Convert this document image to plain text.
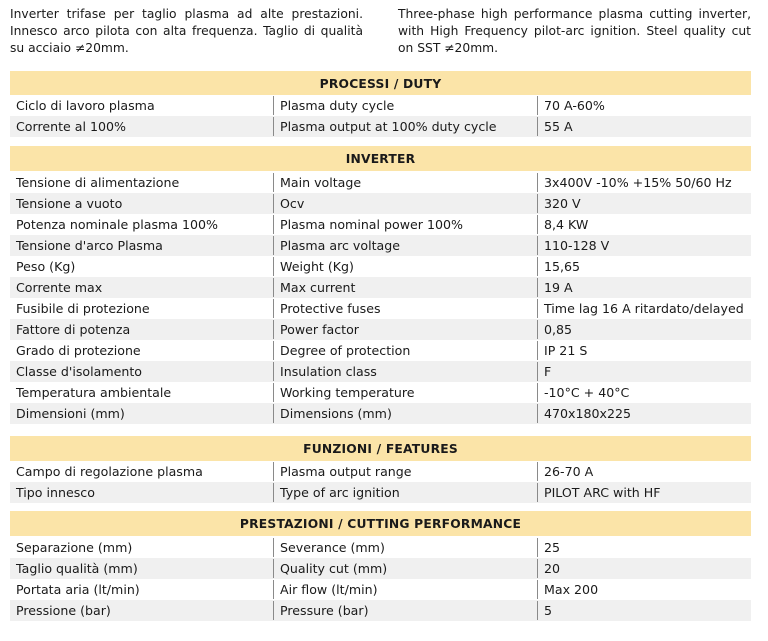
Inverter trifase per taglio plasma ad alte prestazioni. Innesco arco pilota con alta frequenza. Taglio di qualità su acciaio ≠20mm.
Three-phase high performance plasma cutting inverter, with High Frequency pilot-arc ignition. Steel quality cut on SST ≠20mm.
PROCESSI / DUTY
Ciclo di lavoro plasma	Plasma duty cycle	70 A-60%
Corrente al 100%	Plasma output at 100% duty cycle	55 A
INVERTER
Tensione di alimentazione	Main voltage	3x400V -10% +15% 50/60 Hz
Tensione a vuoto	Ocv	320 V
Potenza nominale plasma 100%	Plasma nominal power 100%	8,4 KW
Tensione d'arco Plasma	Plasma arc voltage	110-128 V
Peso (Kg)	Weight (Kg)	15,65
Corrente max	Max current	19 A
Fusibile di protezione	Protective fuses	Time lag 16 A ritardato/delayed
Fattore di potenza	Power factor	0,85
Grado di protezione	Degree of protection	IP 21 S
Classe d'isolamento	Insulation class	F
Temperatura ambientale	Working temperature	-10°C + 40°C
Dimensioni (mm)	Dimensions (mm)	470x180x225
FUNZIONI / FEATURES
Campo di regolazione plasma	Plasma output range	26-70 A
Tipo innesco	Type of arc ignition	PILOT ARC with HF
PRESTAZIONI / CUTTING PERFORMANCE
Separazione (mm)	Severance (mm)	25
Taglio qualità (mm)	Quality cut (mm)	20
Portata aria (lt/min)	Air flow (lt/min)	Max 200
Pressione (bar)	Pressure (bar)	5
